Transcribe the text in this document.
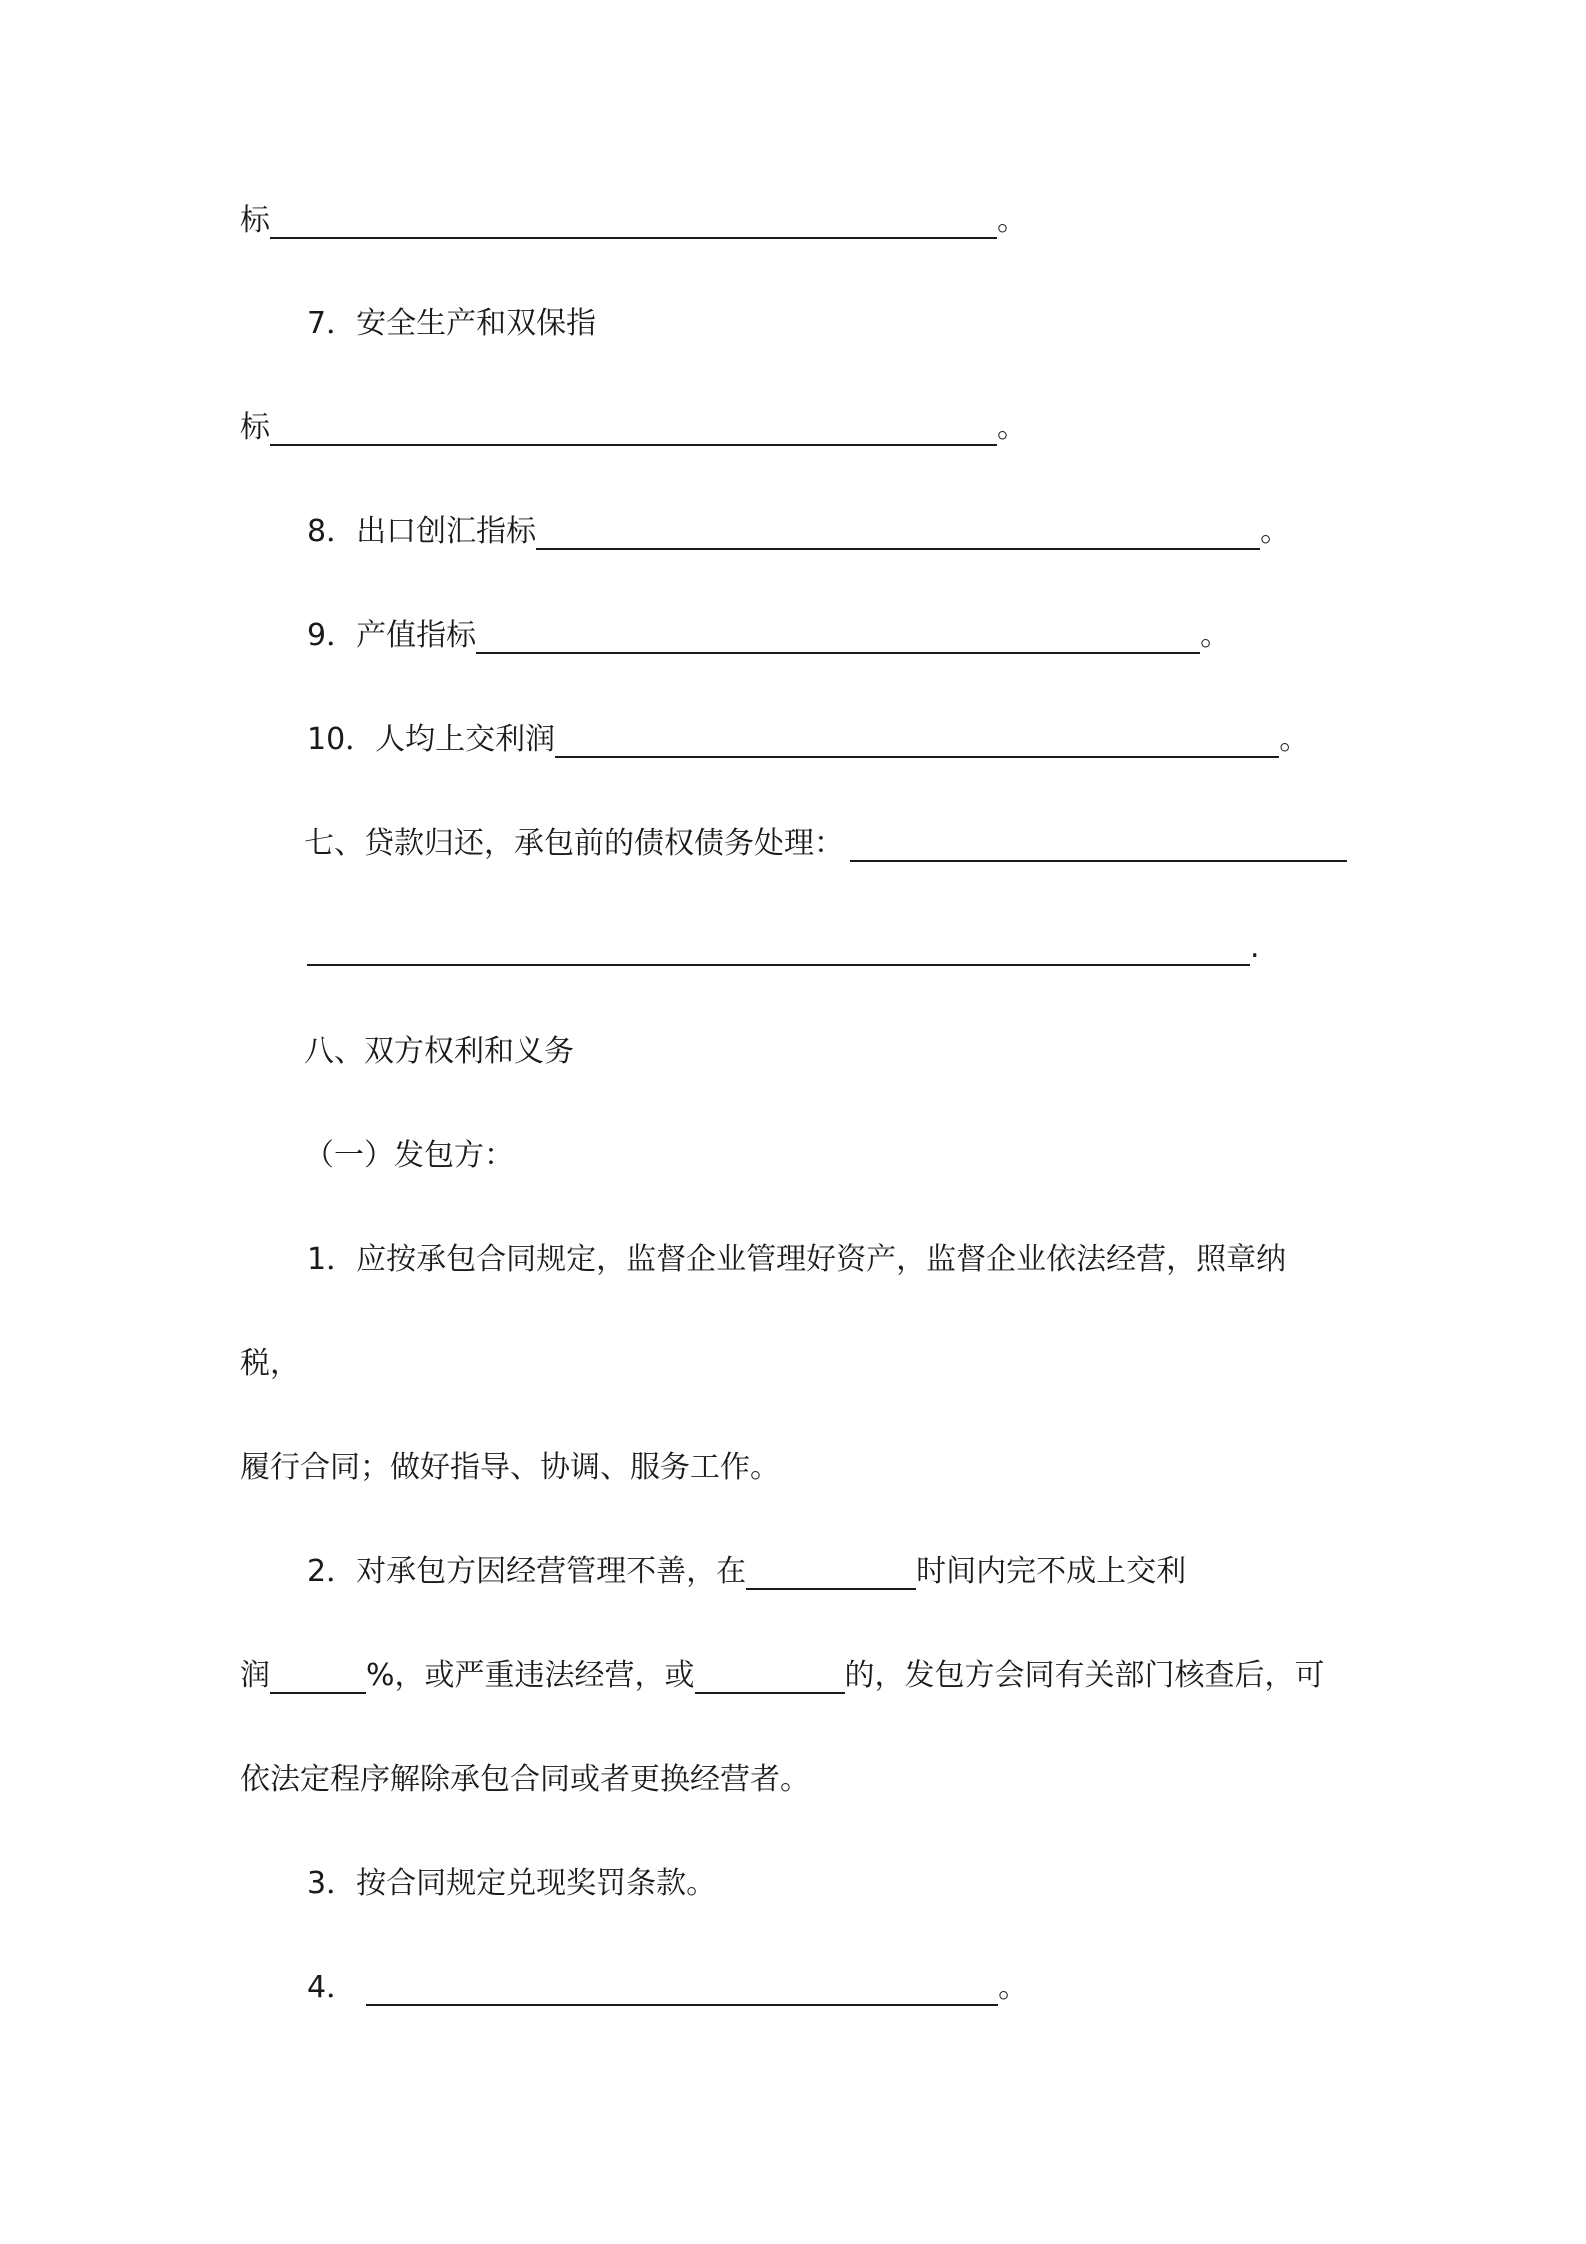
标	。
7．安全生产和双保指
标	。
8．出口创汇指标	。
9．产值指标	。
10．人均上交利润	。
七、贷款归还，承包前的债权债务处理：
.
八、双方权利和义务
（一）发包方：
1．应按承包合同规定，监督企业管理好资产，监督企业依法经营，照章纳
税，
履行合同；做好指导、协调、服务工作。
2．对承包方因经营管理不善，在	时间内完不成上交利
润	%，或严重违法经营，或	的，发包方会同有关部门核查后，可
依法定程序解除承包合同或者更换经营者。
3．按合同规定兑现奖罚条款。
4．	。
